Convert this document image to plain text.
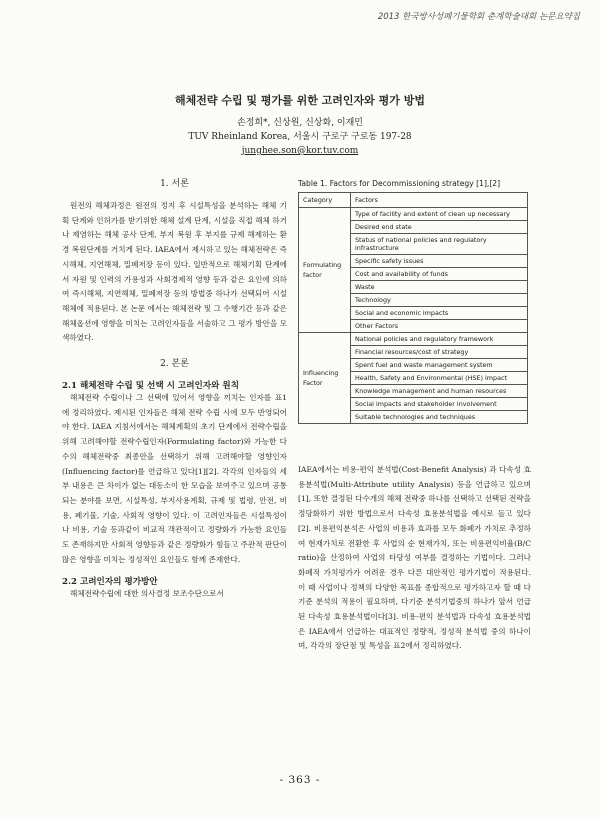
2013 한국방사성폐기물학회 춘계학술대회 논문요약집
해체전략 수립 및 평가를 위한 고려인자와 평가 방법
손정희*, 신상원, 신상화, 이재민
TUV Rheinland Korea, 서울시 구로구 구로동 197-28
junghee.son@kor.tuv.com
1. 서론

원전의 해체과정은 원전의 정지 후 시설특성을 분석하는 해체 기획 단계와 인허가를 받기위한 해체 설계 단계, 시설을 직접 해체 하거나 제염하는 해체 공사 단계, 부지 복원 후 부지를 규제 해제하는 환경 복원단계를 거치게 된다. IAEA에서 제시하고 있는 해체전략은 즉시해체, 지연해체, 밀폐저장 등이 있다. 일반적으로 해체기획 단계에서 자원 및 인력의 가용성과 사회경제적 영향 등과 같은 요인에 의하여 즉시해체, 지연해체, 밀폐저장 등의 방법중 하나가 선택되어 시설 해체에 적용된다. 본 논문 에서는 해체전략 및 그 수행기간 등과 같은 해체옵션에 영향을 미치는 고려인자들을 서술하고 그 평가 방안을 모색하였다.

2. 본론
2.1 해체전략 수립 및 선택 시 고려인자와 원칙

해체전략 수립이나 그 선택에 있어서 영향을 끼치는 인자를 표1 에 정리하였다. 제시된 인자들은 해체 전략 수립 시에 모두 반영되어야 한다. IAEA 지침서에서는 해체계획의 초기 단계에서 전략수립을 위해 고려해야할 전략수립인자(Formulating factor)와 가능한 다수의 해체전략중 최종안을 선택하기 위해 고려해야할 영향인자(Influencing factor)를 언급하고 있다[1][2]. 각각의 인자들의 세부 내용은 큰 차이가 없는 대동소이 한 모습을 보여주고 있으며 공통되는 분야를 보면, 시설특성, 부지사용계획, 규제 및 법령, 안전, 비용, 폐기물, 기술, 사회적 영향이 있다. 이 고려인자들은 시설특성이나 비용, 기술 등과같이 비교적 객관적이고 정량화가 가능한 요인들도 존재하지만 사회적 영향등과 같은 정량화가 힘들고 주관적 판단이 많은 영향을 미치는 정성적인 요인들도 함께 존재한다.

2.2 고려인자의 평가방안

해체전략수립에 대한 의사결정 보조수단으로서

Table 1. Factors for Decommissioning strategy [1],[2]
Category	Factors
Formulating factor	Type of facility and extent of clean up necessary
	Desired end state
	Status of national policies and regulatory infrastructure
	Specific safety issues
	Cost and availability of funds
	Waste
	Technology
	Social and economic impacts
	Other Factors
Influencing Factor	National policies and regulatory framework
	Financial resources/cost of strategy
	Spent fuel and waste management system
	Health, Safety and Environmental (HSE) impact
	Knowledge management and human resources
	Social impacts and stakeholder involvement
	Suitable technologies and techniques

IAEA에서는 비용-편익 분석법(Cost-Benefit Analysis) 과 다속성 효용분석법(Multi-Attribute utility Analysis) 등을 언급하고 있으며[1], 또한 결정된 다수개의 해체 전략중 하나를 선택하고 선택된 전략을 정당화하기 위한 방법으로서 다속성 효용분석법을 예시로 들고 있다[2]. 비용편익분석은 사업의 비용과 효과를 모두 화폐가 가치로 추정하여 현재가치로 전환한 후 사업의 순 현재가치, 또는 비용편익비율(B/C ratio)을 산정하여 사업의 타당성 여부를 결정하는 기법이다. 그러나 화폐적 가치평가가 어려운 경우 다른 대안적인 평가기법이 적용된다. 이 때 사업이나 정책의 다양한 목표를 종합적으로 평가하고자 할 때 다기준 분석의 적용이 필요하며, 다기준 분석기법중의 하나가 앞서 언급된 다속성 효용분석법이다[3]. 비용-편익 분석법과 다속성 효용분석법은 IAEA에서 언급하는 대표적인 정량적, 정성적 분석법 중의 하나이며, 각각의 장단점 및 특성을 표2에서 정리하였다.

- 363 -
